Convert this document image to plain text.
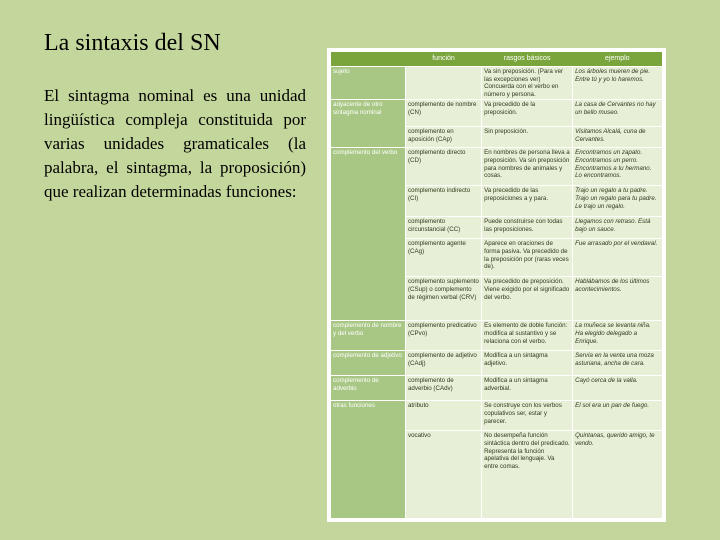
La sintaxis del SN

El sintagma nominal es una unidad lingüística compleja constituida por varias unidades gramaticales (la palabra, el sintagma, la proposición) que realizan determinadas funciones:

	función	rasgos básicos	ejemplo
sujeto		Va sin preposición. (Para ver las excepciones ver) Concuerda con el verbo en número y persona.	Los árboles mueren de pie. Entre tú y yo lo haremos.
adyacente de otro sintagma nominal	complemento de nombre (CN)	Va precedido de la preposición.	La casa de Cervantes no hay un bello museo.
	complemento en aposición (CAp)	Sin preposición.	Visitamos Alcalá, cuna de Cervantes.
complemento del verbo	complemento directo (CD)	En nombres de persona lleva a preposición. Va sin preposición para nombres de animales y cosas.	Encontramos un zapato. Encontramos un perro. Encontramos a tu hermano. Lo encontramos.
	complemento indirecto (CI)	Va precedido de las preposiciones a y para.	Trajo un regalo a tu padre. Trajo un regalo para tu padre. Le trajo un regalo.
	complemento circunstancial (CC)	Puede construirse con todas las preposiciones.	Llegamos con retraso. Está bajo un sauce.
	complemento agente (CAg)	Aparece en oraciones de forma pasiva. Va precedido de la preposición por (raras veces de).	Fue arrasado por el vendaval.
	complemento suplemento (CSup) o complemento de régimen verbal (CRV)	Va precedido de preposición. Viene exigido por el significado del verbo.	Hablábamos de los últimos acontecimientos.
complemento de nombre y del verbo	complemento predicativo (CPvo)	Es elemento de doble función: modifica al sustantivo y se relaciona con el verbo.	La muñeca se levanta niña. Ha elegido delegado a Enrique.
complemento de adjetivo	complemento de adjetivo (CAdj)	Modifica a un sintagma adjetivo.	Servía en la venta una moza asturiana, ancha de cara.
complemento de adverbio	complemento de adverbio (CAdv)	Modifica a un sintagma adverbial.	Cayó cerca de la valla.
otras funciones	atributo	Se construye con los verbos copulativos ser, estar y parecer.	El sol era un pan de fuego.
	vocativo	No desempeña función sintáctica dentro del predicado. Representa la función apelativa del lenguaje. Va entre comas.	Quintanas, querido amigo, te vendo.
